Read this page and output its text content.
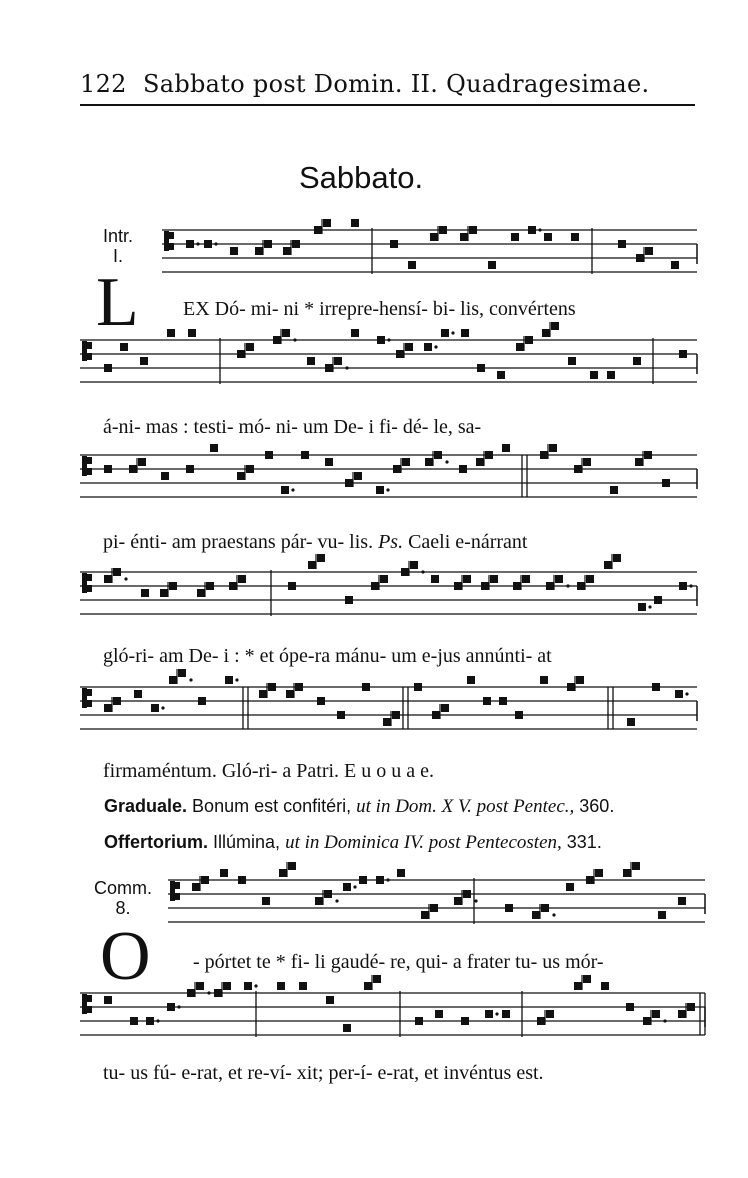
122 Sabbato post Domin. II. Quadragesimae.
Sabbato.
Intr.
I.
L EX Dó- mi- ni * irrepre-hensí- bi- lis, convértens
á-ni- mas : testi- mó- ni- um De- i fi- dé- le, sa-
pi- énti- am praestans pár- vu- lis. Ps. Caeli e-nárrant
gló-ri- am De- i : * et ópe-ra mánu- um e-jus annúnti- at
firmaméntum. Gló-ri- a Patri. E u o u a e.
Graduale. Bonum est confitéri, ut in Dom. X V. post Pentec., 360.
Offertorium. Illúmina, ut in Dominica IV. post Pentecosten, 331.
Comm.
8.
O - pórtet te * fi- li gaudé- re, qui- a frater tu- us mór-
tu- us fú- e-rat, et re-ví- xit; per-í- e-rat, et invéntus est.
